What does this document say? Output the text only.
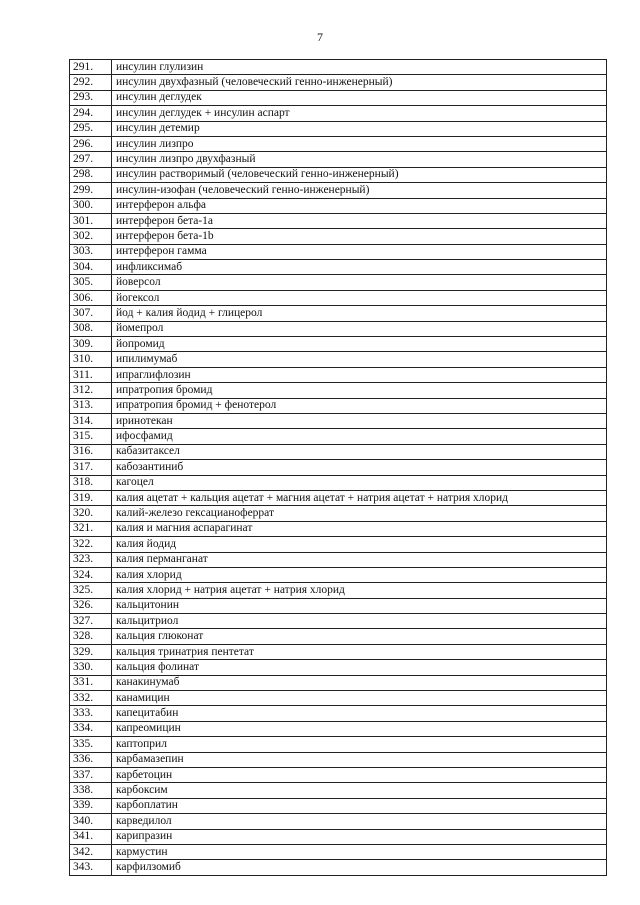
7
291.	инсулин глулизин
292.	инсулин двухфазный (человеческий генно-инженерный)
293.	инсулин деглудек
294.	инсулин деглудек + инсулин аспарт
295.	инсулин детемир
296.	инсулин лизпро
297.	инсулин лизпро двухфазный
298.	инсулин растворимый (человеческий генно-инженерный)
299.	инсулин-изофан (человеческий генно-инженерный)
300.	интерферон альфа
301.	интерферон бета-1a
302.	интерферон бета-1b
303.	интерферон гамма
304.	инфликсимаб
305.	йоверсол
306.	йогексол
307.	йод + калия йодид + глицерол
308.	йомепрол
309.	йопромид
310.	ипилимумаб
311.	ипраглифлозин
312.	ипратропия бромид
313.	ипратропия бромид + фенотерол
314.	иринотекан
315.	ифосфамид
316.	кабазитаксел
317.	кабозантиниб
318.	кагоцел
319.	калия ацетат + кальция ацетат + магния ацетат + натрия ацетат + натрия хлорид
320.	калий-железо гексацианоферрат
321.	калия и магния аспарагинат
322.	калия йодид
323.	калия перманганат
324.	калия хлорид
325.	калия хлорид + натрия ацетат + натрия хлорид
326.	кальцитонин
327.	кальцитриол
328.	кальция глюконат
329.	кальция тринатрия пентетат
330.	кальция фолинат
331.	канакинумаб
332.	канамицин
333.	капецитабин
334.	капреомицин
335.	каптоприл
336.	карбамазепин
337.	карбетоцин
338.	карбоксим
339.	карбоплатин
340.	карведилол
341.	карипразин
342.	кармустин
343.	карфилзомиб
